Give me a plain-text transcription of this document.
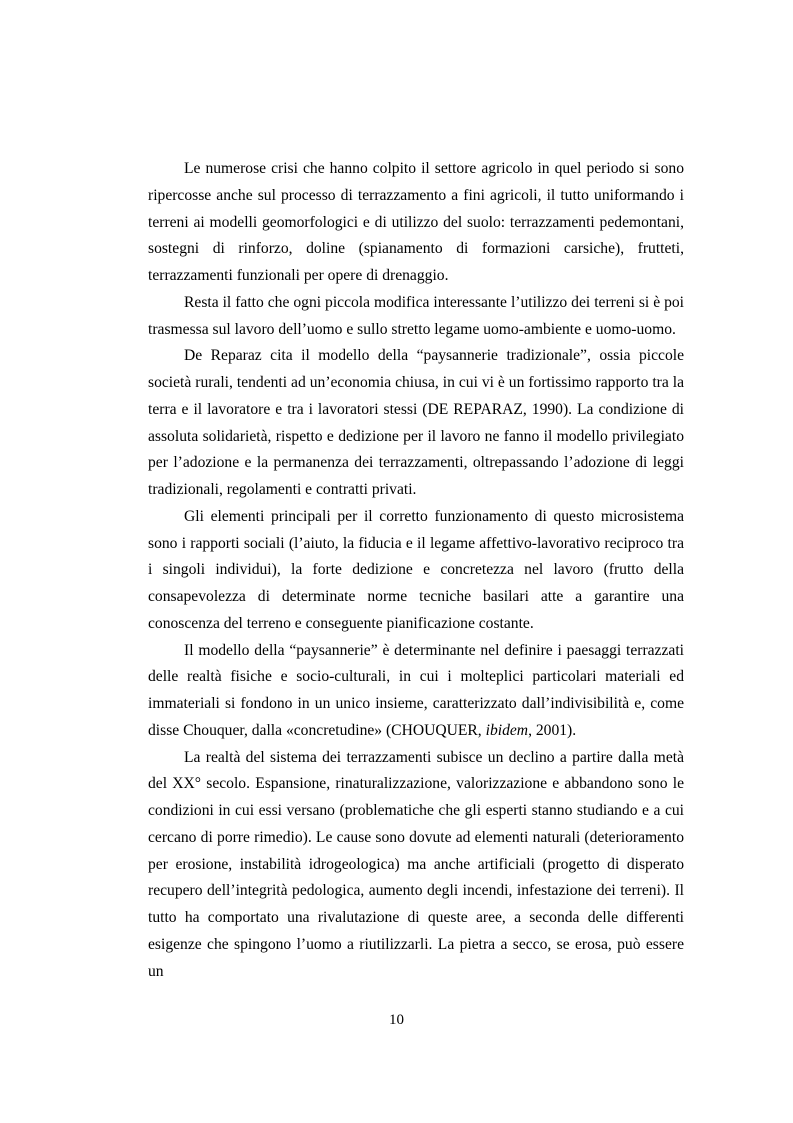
Le numerose crisi che hanno colpito il settore agricolo in quel periodo si sono ripercosse anche sul processo di terrazzamento a fini agricoli, il tutto uniformando i terreni ai modelli geomorfologici e di utilizzo del suolo: terrazzamenti pedemontani, sostegni di rinforzo, doline (spianamento di formazioni carsiche), frutteti, terrazzamenti funzionali per opere di drenaggio.

Resta il fatto che ogni piccola modifica interessante l’utilizzo dei terreni si è poi trasmessa sul lavoro dell’uomo e sullo stretto legame uomo-ambiente e uomo-uomo.

De Reparaz cita il modello della “paysannerie tradizionale”, ossia piccole società rurali, tendenti ad un’economia chiusa, in cui vi è un fortissimo rapporto tra la terra e il lavoratore e tra i lavoratori stessi (DE REPARAZ, 1990). La condizione di assoluta solidarietà, rispetto e dedizione per il lavoro ne fanno il modello privilegiato per l’adozione e la permanenza dei terrazzamenti, oltrepassando l’adozione di leggi tradizionali, regolamenti e contratti privati.

Gli elementi principali per il corretto funzionamento di questo microsistema sono i rapporti sociali (l’aiuto, la fiducia e il legame affettivo-lavorativo reciproco tra i singoli individui), la forte dedizione e concretezza nel lavoro (frutto della consapevolezza di determinate norme tecniche basilari atte a garantire una conoscenza del terreno e conseguente pianificazione costante.

Il modello della “paysannerie” è determinante nel definire i paesaggi terrazzati delle realtà fisiche e socio-culturali, in cui i molteplici particolari materiali ed immateriali si fondono in un unico insieme, caratterizzato dall’indivisibilità e, come disse Chouquer, dalla «concretudine» (CHOUQUER, ibidem, 2001).

La realtà del sistema dei terrazzamenti subisce un declino a partire dalla metà del XX° secolo. Espansione, rinaturalizzazione, valorizzazione e abbandono sono le condizioni in cui essi versano (problematiche che gli esperti stanno studiando e a cui cercano di porre rimedio). Le cause sono dovute ad elementi naturali (deterioramento per erosione, instabilità idrogeologica) ma anche artificiali (progetto di disperato recupero dell’integrità pedologica, aumento degli incendi, infestazione dei terreni). Il tutto ha comportato una rivalutazione di queste aree, a seconda delle differenti esigenze che spingono l’uomo a riutilizzarli. La pietra a secco, se erosa, può essere un

10
